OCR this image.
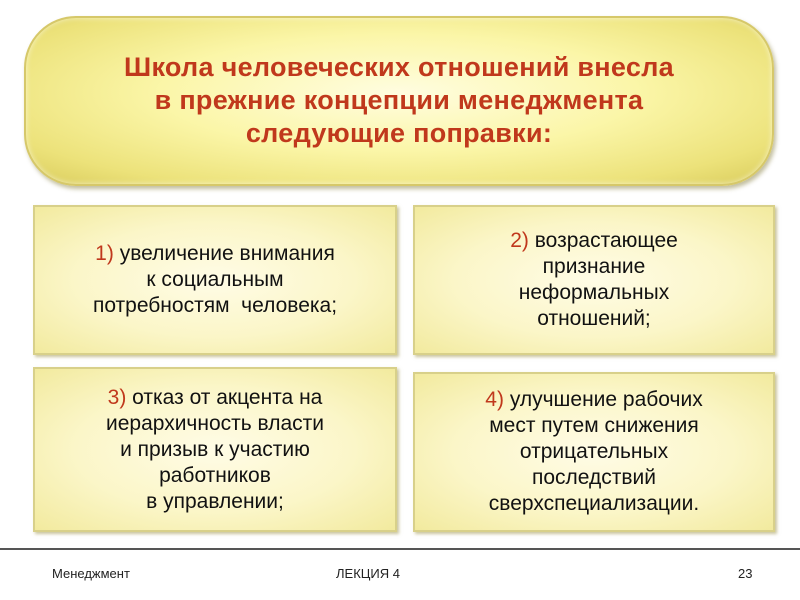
Школа человеческих отношений внесла
в прежние концепции менеджмента
следующие поправки:
1) увеличение внимания
к социальным
потребностям  человека;
2) возрастающее
признание
неформальных
отношений;
3) отказ от акцента на
иерархичность власти
и призыв к участию
работников
в управлении;
4) улучшение рабочих
мест путем снижения
отрицательных
последствий
сверхспециализации.
Менеджмент	ЛЕКЦИЯ 4	23
